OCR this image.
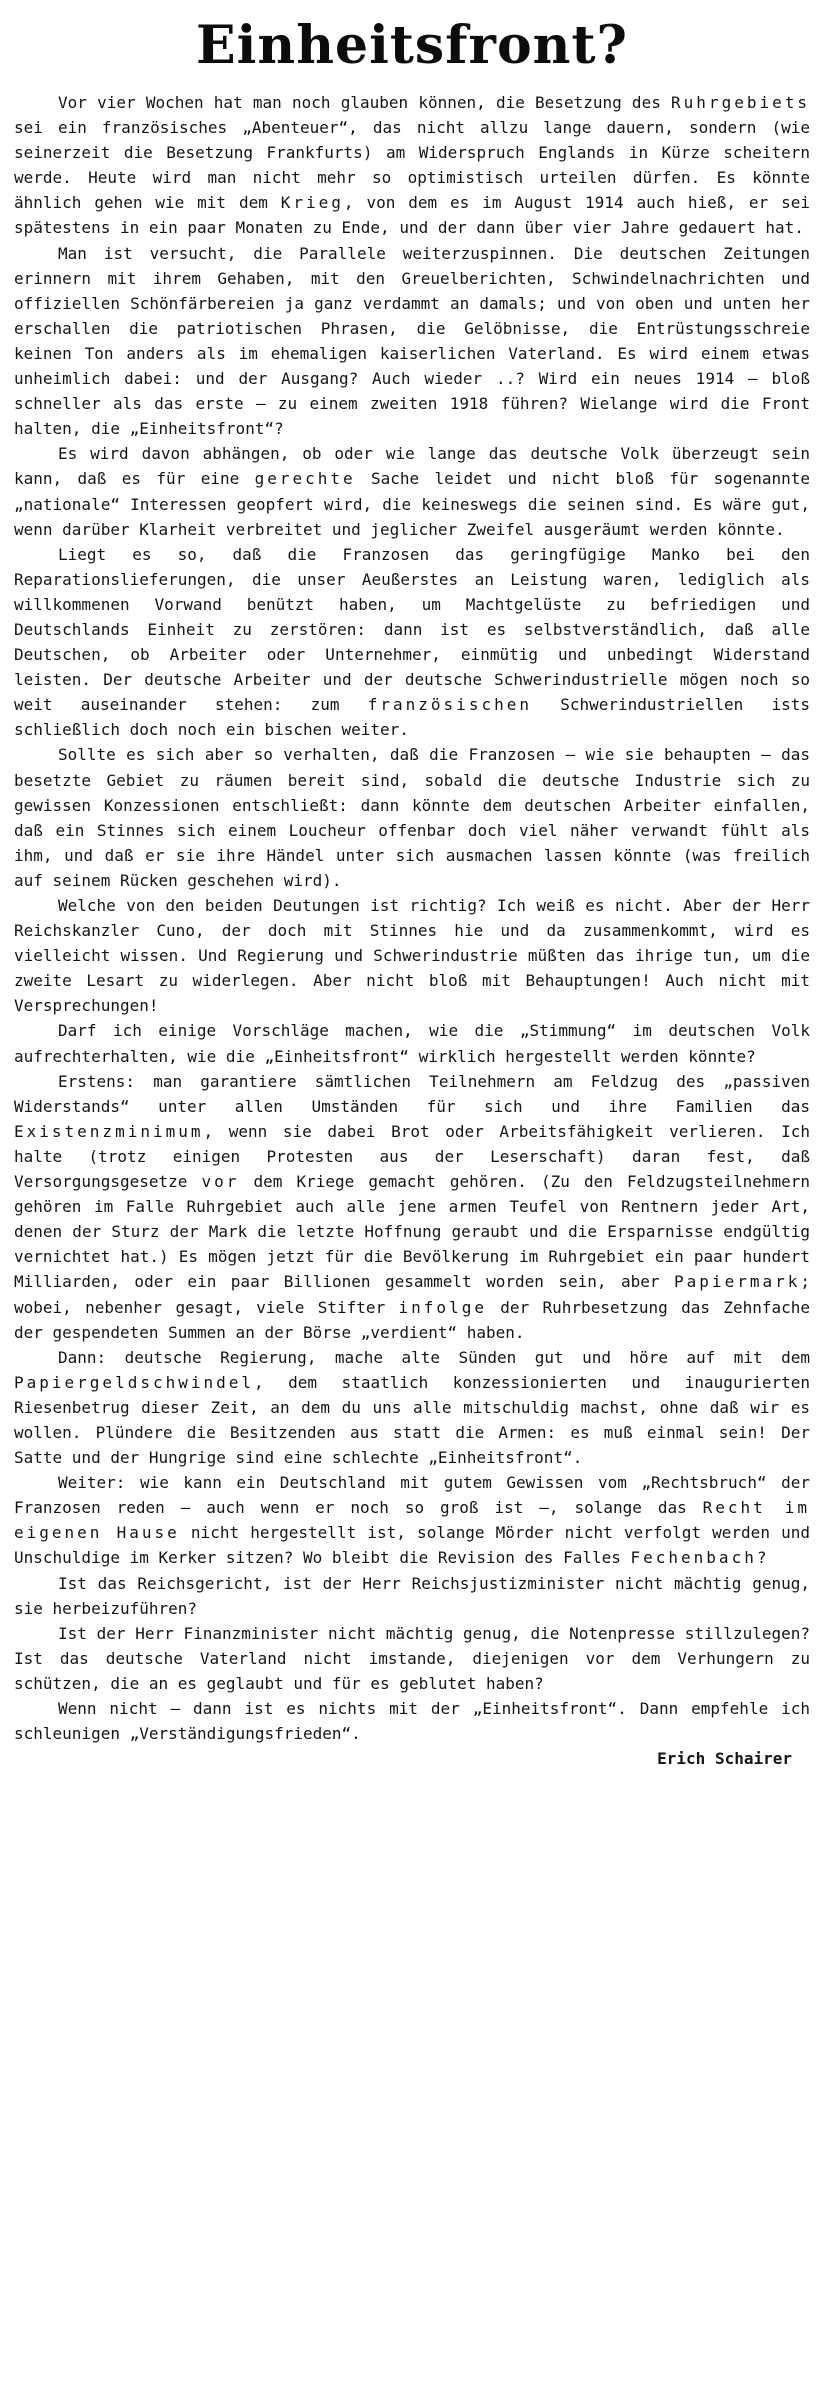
Einheitsfront?

Vor vier Wochen hat man noch glauben können, die Besetzung des Ruhrgebiets sei ein französisches „Abenteuer“, das nicht allzu lange dauern, sondern (wie seinerzeit die Besetzung Frankfurts) am Widerspruch Englands in Kürze scheitern werde. Heute wird man nicht mehr so optimistisch urteilen dürfen. Es könnte ähnlich gehen wie mit dem Krieg, von dem es im August 1914 auch hieß, er sei spätestens in ein paar Monaten zu Ende, und der dann über vier Jahre gedauert hat.

Man ist versucht, die Parallele weiterzuspinnen. Die deutschen Zeitungen erinnern mit ihrem Gehaben, mit den Greuelberichten, Schwindelnachrichten und offiziellen Schönfärbereien ja ganz verdammt an damals; und von oben und unten her erschallen die patriotischen Phrasen, die Gelöbnisse, die Entrüstungsschreie keinen Ton anders als im ehemaligen kaiserlichen Vaterland. Es wird einem etwas unheimlich dabei: und der Ausgang? Auch wieder ..? Wird ein neues 1914 — bloß schneller als das erste — zu einem zweiten 1918 führen? Wielange wird die Front halten, die „Einheitsfront“?

Es wird davon abhängen, ob oder wie lange das deutsche Volk überzeugt sein kann, daß es für eine gerechte Sache leidet und nicht bloß für sogenannte „nationale“ Interessen geopfert wird, die keineswegs die seinen sind. Es wäre gut, wenn darüber Klarheit verbreitet und jeglicher Zweifel ausgeräumt werden könnte.

Liegt es so, daß die Franzosen das geringfügige Manko bei den Reparationslieferungen, die unser Aeußerstes an Leistung waren, lediglich als willkommenen Vorwand benützt haben, um Machtgelüste zu befriedigen und Deutschlands Einheit zu zerstören: dann ist es selbstverständlich, daß alle Deutschen, ob Arbeiter oder Unternehmer, einmütig und unbedingt Widerstand leisten. Der deutsche Arbeiter und der deutsche Schwerindustrielle mögen noch so weit auseinander stehen: zum französischen Schwerindustriellen ists schließlich doch noch ein bischen weiter.

Sollte es sich aber so verhalten, daß die Franzosen — wie sie behaupten — das besetzte Gebiet zu räumen bereit sind, sobald die deutsche Industrie sich zu gewissen Konzessionen entschließt: dann könnte dem deutschen Arbeiter einfallen, daß ein Stinnes sich einem Loucheur offenbar doch viel näher verwandt fühlt als ihm, und daß er sie ihre Händel unter sich ausmachen lassen könnte (was freilich auf seinem Rücken geschehen wird).

Welche von den beiden Deutungen ist richtig? Ich weiß es nicht. Aber der Herr Reichskanzler Cuno, der doch mit Stinnes hie und da zusammenkommt, wird es vielleicht wissen. Und Regierung und Schwerindustrie müßten das ihrige tun, um die zweite Lesart zu widerlegen. Aber nicht bloß mit Behauptungen! Auch nicht mit Versprechungen!

Darf ich einige Vorschläge machen, wie die „Stimmung“ im deutschen Volk aufrechterhalten, wie die „Einheitsfront“ wirklich hergestellt werden könnte?

Erstens: man garantiere sämtlichen Teilnehmern am Feldzug des „passiven Widerstands“ unter allen Umständen für sich und ihre Familien das Existenzminimum, wenn sie dabei Brot oder Arbeitsfähigkeit verlieren. Ich halte (trotz einigen Protesten aus der Leserschaft) daran fest, daß Versorgungsgesetze vor dem Kriege gemacht gehören. (Zu den Feldzugsteilnehmern gehören im Falle Ruhrgebiet auch alle jene armen Teufel von Rentnern jeder Art, denen der Sturz der Mark die letzte Hoffnung geraubt und die Ersparnisse endgültig vernichtet hat.) Es mögen jetzt für die Bevölkerung im Ruhrgebiet ein paar hundert Milliarden, oder ein paar Billionen gesammelt worden sein, aber Papiermark; wobei, nebenher gesagt, viele Stifter infolge der Ruhrbesetzung das Zehnfache der gespendeten Summen an der Börse „verdient“ haben.

Dann: deutsche Regierung, mache alte Sünden gut und höre auf mit dem Papiergeldschwindel, dem staatlich konzessionierten und inaugurierten Riesenbetrug dieser Zeit, an dem du uns alle mitschuldig machst, ohne daß wir es wollen. Plündere die Besitzenden aus statt die Armen: es muß einmal sein! Der Satte und der Hungrige sind eine schlechte „Einheitsfront“.

Weiter: wie kann ein Deutschland mit gutem Gewissen vom „Rechtsbruch“ der Franzosen reden — auch wenn er noch so groß ist —, solange das Recht im eigenen Hause nicht hergestellt ist, solange Mörder nicht verfolgt werden und Unschuldige im Kerker sitzen? Wo bleibt die Revision des Falles Fechenbach?

Ist das Reichsgericht, ist der Herr Reichsjustizminister nicht mächtig genug, sie herbeizuführen?

Ist der Herr Finanzminister nicht mächtig genug, die Notenpresse stillzulegen? Ist das deutsche Vaterland nicht imstande, diejenigen vor dem Verhungern zu schützen, die an es geglaubt und für es geblutet haben?

Wenn nicht — dann ist es nichts mit der „Einheitsfront“. Dann empfehle ich schleunigen „Verständigungsfrieden“.

Erich Schairer
